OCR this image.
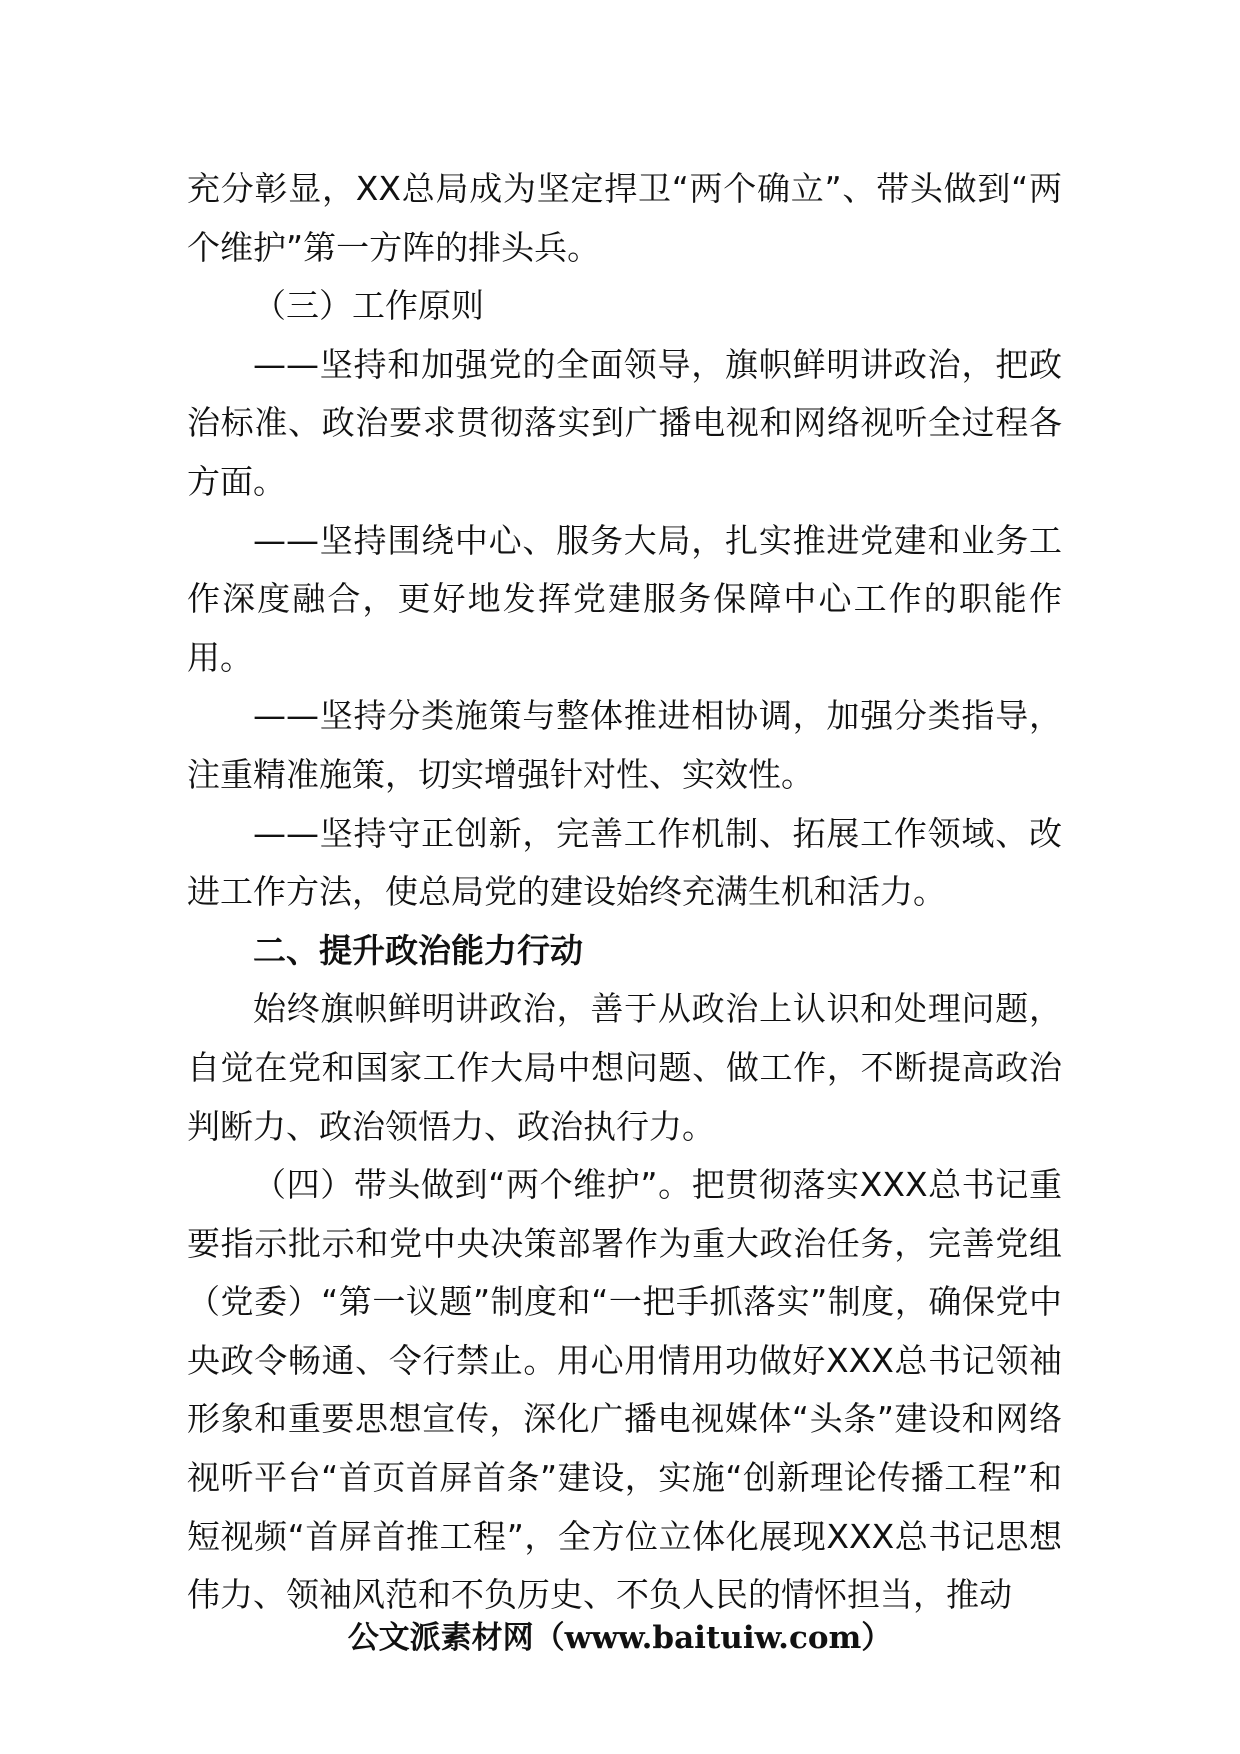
充分彰显，XX总局成为坚定捍卫“两个确立”、带头做到“两个维护”第一方阵的排头兵。

（三）工作原则

——坚持和加强党的全面领导，旗帜鲜明讲政治，把政治标准、政治要求贯彻落实到广播电视和网络视听全过程各方面。

——坚持围绕中心、服务大局，扎实推进党建和业务工作深度融合，更好地发挥党建服务保障中心工作的职能作用。

——坚持分类施策与整体推进相协调，加强分类指导，注重精准施策，切实增强针对性、实效性。

——坚持守正创新，完善工作机制、拓展工作领域、改进工作方法，使总局党的建设始终充满生机和活力。

二、提升政治能力行动

始终旗帜鲜明讲政治，善于从政治上认识和处理问题，自觉在党和国家工作大局中想问题、做工作，不断提高政治判断力、政治领悟力、政治执行力。

（四）带头做到“两个维护”。把贯彻落实XXX总书记重要指示批示和党中央决策部署作为重大政治任务，完善党组（党委）“第一议题”制度和“一把手抓落实”制度，确保党中央政令畅通、令行禁止。用心用情用功做好XXX总书记领袖形象和重要思想宣传，深化广播电视媒体“头条”建设和网络视听平台“首页首屏首条”建设，实施“创新理论传播工程”和短视频“首屏首推工程”，全方位立体化展现XXX总书记思想伟力、领袖风范和不负历史、不负人民的情怀担当，推动

公文派素材网（www.baituiw.com）
